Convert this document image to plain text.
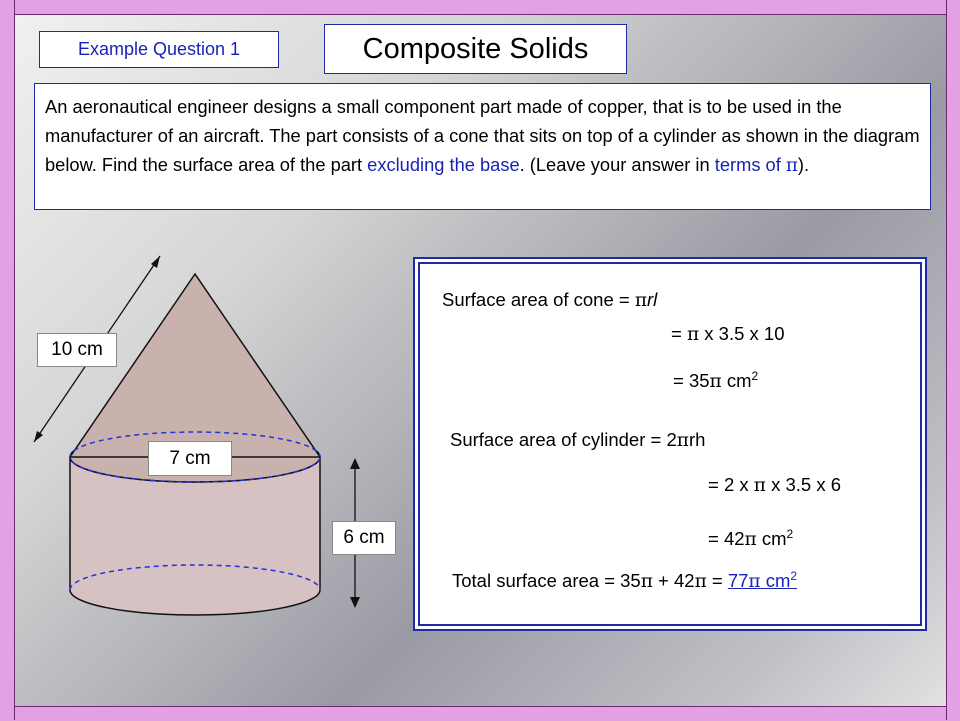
Example Question 1	Composite Solids
An aeronautical engineer designs a small component part made of copper, that is to be used in the manufacturer of an aircraft. The part consists of a cone that sits on top of a cylinder as shown in the diagram below. Find the surface area of the part excluding the base. (Leave your answer in terms of π).
10 cm
7 cm
6 cm
Surface area of cone = πrl
= π x 3.5 x 10
= 35π $cm^2$
Surface area of cylinder = 2πrh
= 2 x π x 3.5 x 6
= 42π $cm^2$
Total surface area = 35π + 42π = 77π $cm^2$
